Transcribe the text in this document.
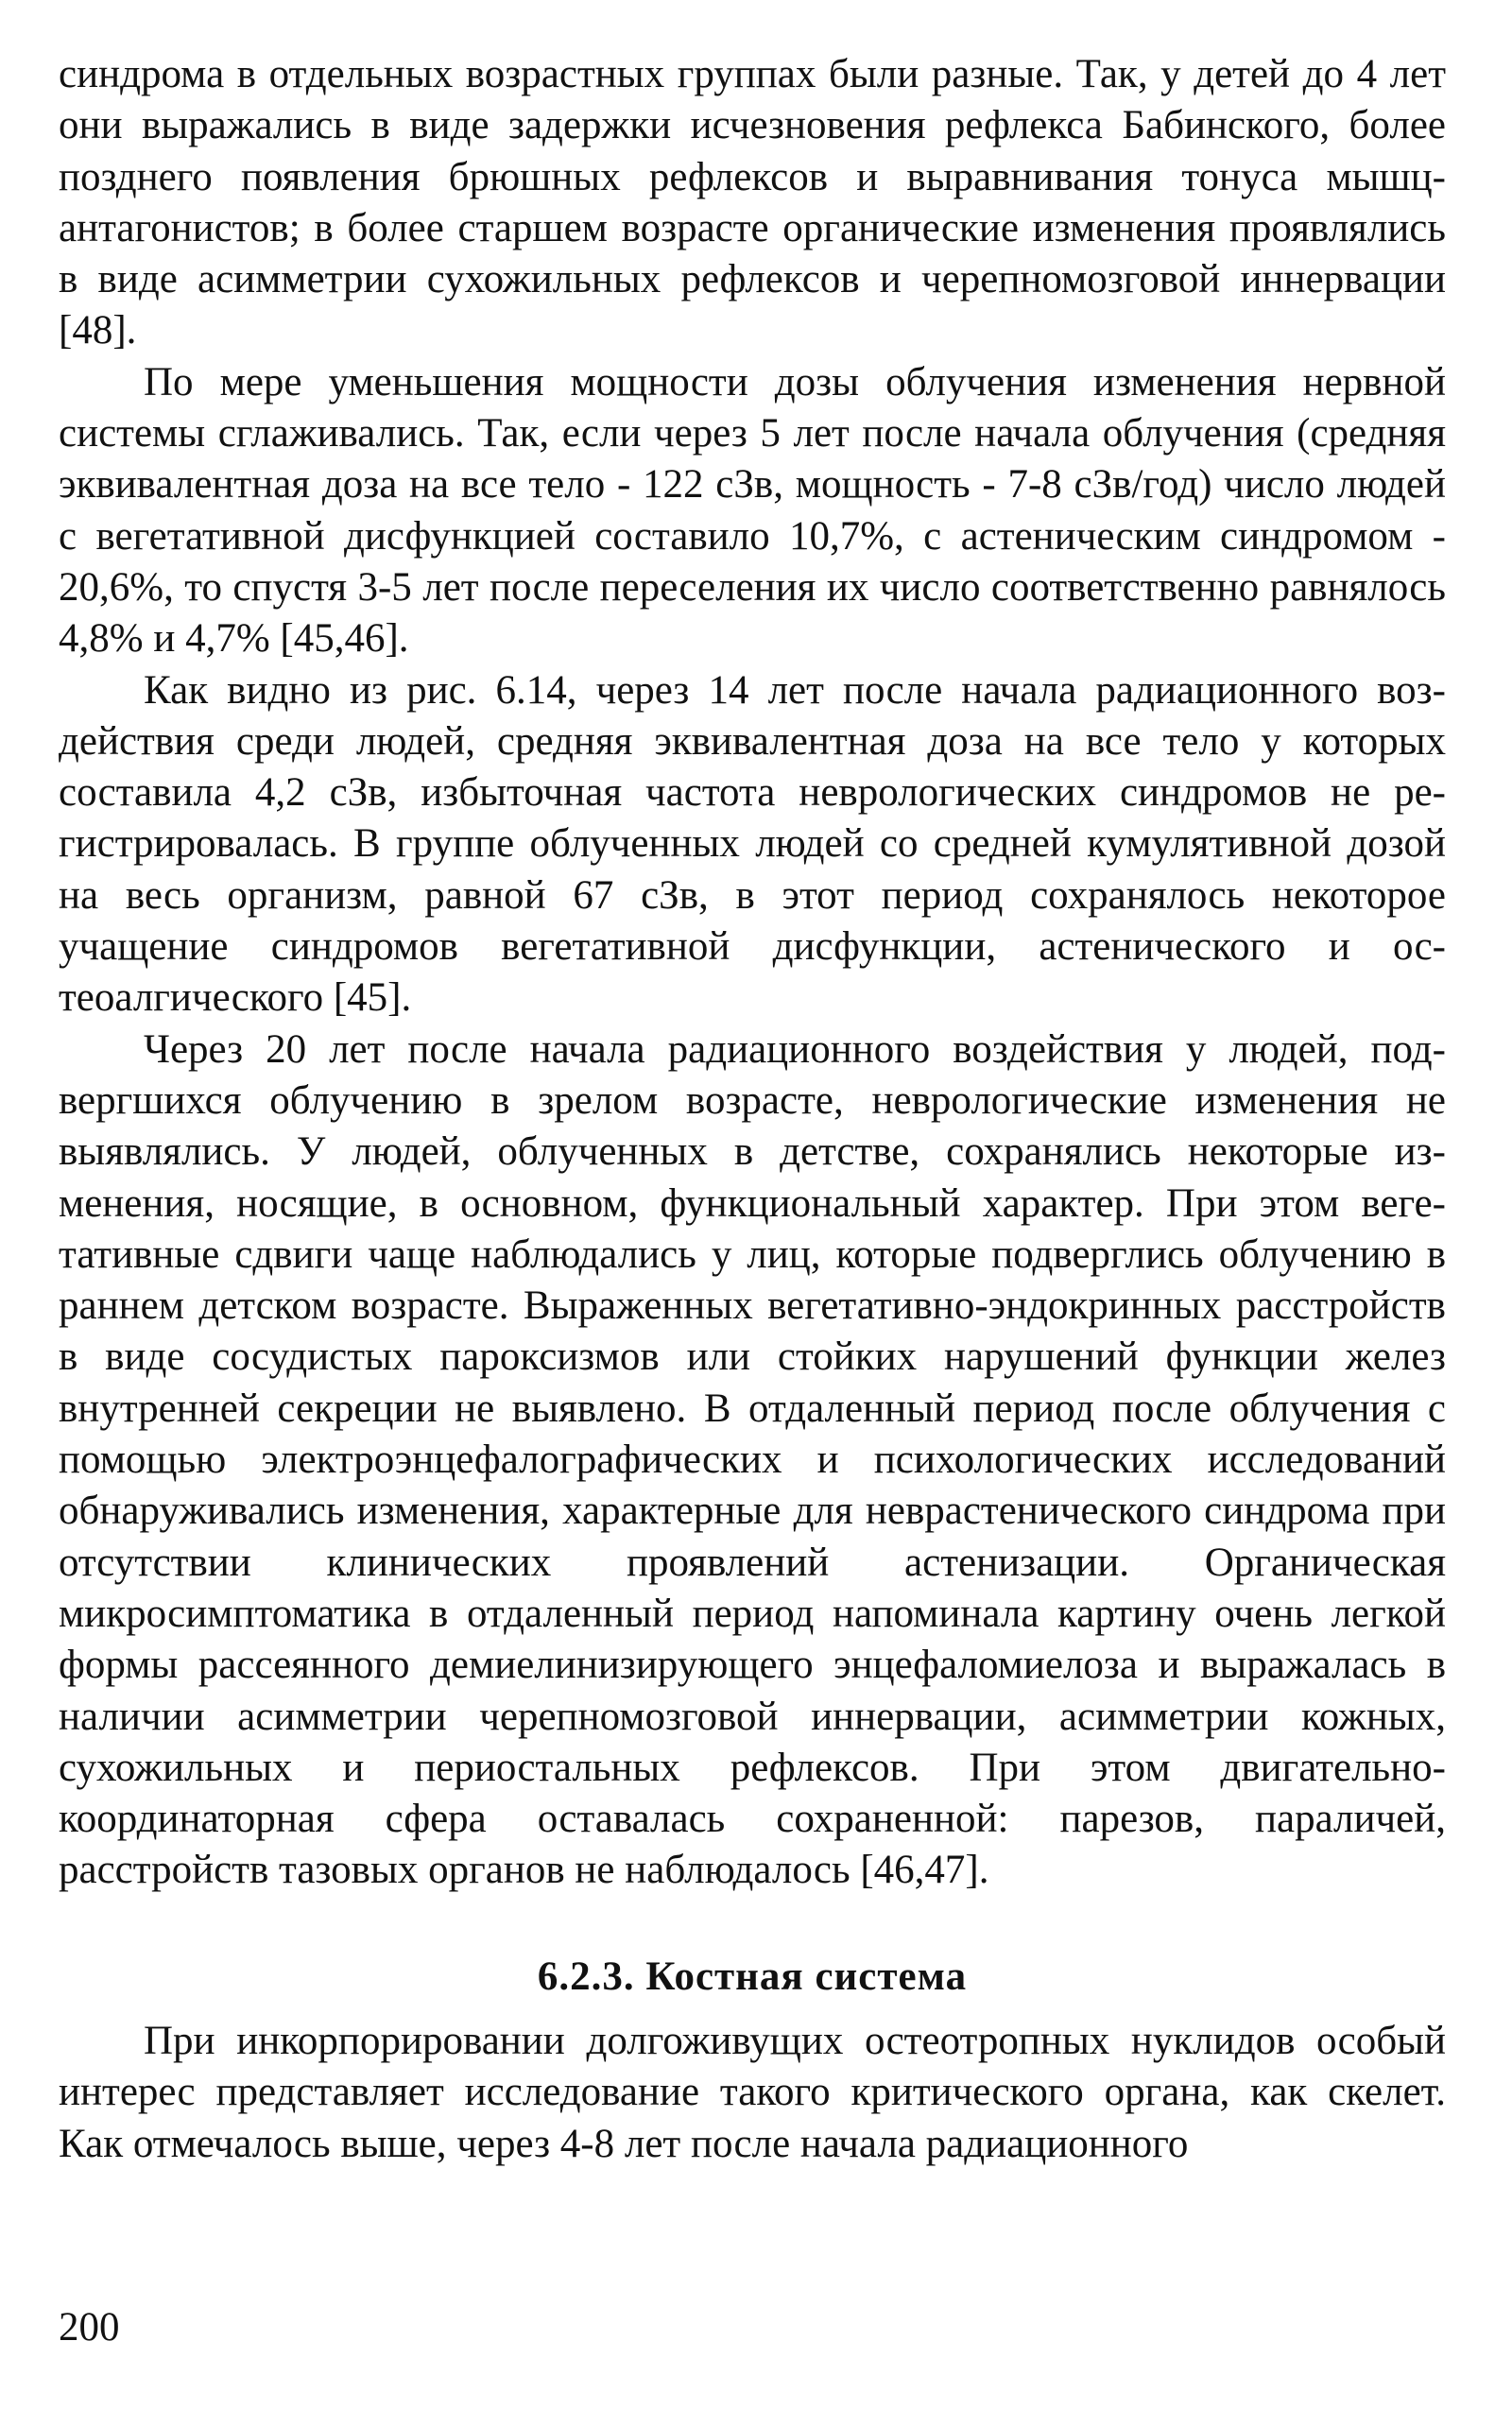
синдрома в отдельных возрастных группах были разные. Так, у детей до 4 лет они выражались в виде задержки исчезновения рефлекса Бабинского, более позднего появления брюшных рефлексов и выравнивания тонуса мышц- антагонистов; в более старшем возрасте органические изменения проявлялись в виде асимметрии сухожильных рефлексов и черепномозговой иннервации [48].

По мере уменьшения мощности дозы облучения изменения нервной системы сглаживались. Так, если через 5 лет после начала облучения (средняя эквивалентная доза на все тело - 122 сЗв, мощность - 7-8 сЗв/год) число людей с вегетативной дисфункцией составило 10,7%, с астеническим синдромом - 20,6%, то спустя 3-5 лет после переселения их число соответственно равнялось 4,8% и 4,7% [45,46].

Как видно из рис. 6.14, через 14 лет после начала радиационного воздействия среди людей, средняя эквивалентная доза на все тело у которых составила 4,2 сЗв, избыточная частота неврологических синдромов не регистрировалась. В группе облученных людей со средней кумулятивной дозой на весь организм, равной 67 сЗв, в этот период сохранялось некоторое учащение синдромов вегетативной дисфункции, астенического и остеоалгического [45].

Через 20 лет после начала радиационного воздействия у людей, подвергшихся облучению в зрелом возрасте, неврологические изменения не выявлялись. У людей, облученных в детстве, сохранялись некоторые изменения, носящие, в основном, функциональный характер. При этом вегетативные сдвиги чаще наблюдались у лиц, которые подверглись облучению в раннем детском возрасте. Выраженных вегетативно-эндокринных расстройств в виде сосудистых пароксизмов или стойких нарушений функции желез внутренней секреции не выявлено. В отдаленный период после облучения с помощью электроэнцефалографических и психологических исследований обнаруживались изменения, характерные для неврастенического синдрома при отсутствии клинических проявлений астенизации. Органическая микросимптоматика в отдаленный период напоминала картину очень легкой формы рассеянного демиелинизирующего энцефаломиелоза и выражалась в наличии асимметрии черепномозговой иннервации, асимметрии кожных, сухожильных и периостальных рефлексов. При этом двигательно-координаторная сфера оставалась сохраненной: парезов, параличей, расстройств тазовых органов не наблюдалось [46,47].

6.2.3. Костная система

При инкорпорировании долгоживущих остеотропных нуклидов особый интерес представляет исследование такого критического органа, как скелет. Как отмечалось выше, через 4-8 лет после начала радиационного

200
